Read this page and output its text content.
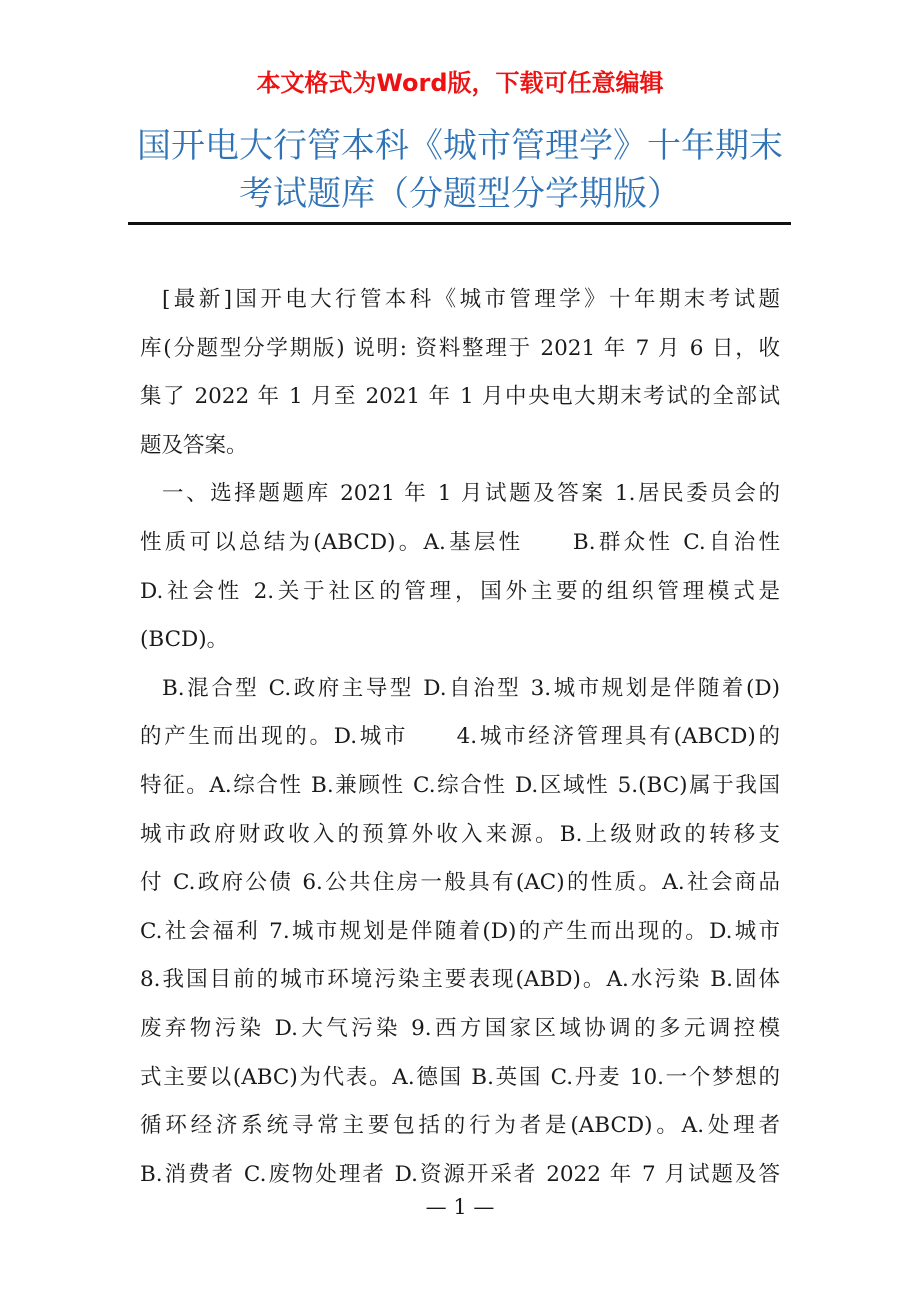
本文格式为Word版，下载可任意编辑
国开电大行管本科《城市管理学》十年期末
考试题库（分题型分学期版）
[最新]国开电大行管本科《城市管理学》十年期末考试题
库(分题型分学期版) 说明: 资料整理于 2021 年 7 月 6 日，收
集了 2022 年 1 月至 2021 年 1 月中央电大期末考试的全部试
题及答案。
一、选择题题库 2021 年 1 月试题及答案 1.居民委员会的
性质可以总结为(ABCD)。A.基层性　　B.群众性 C.自治性
D.社会性 2.关于社区的管理，国外主要的组织管理模式是
(BCD)。
B.混合型 C.政府主导型 D.自治型 3.城市规划是伴随着(D)
的产生而出现的。D.城市　　4.城市经济管理具有(ABCD)的
特征。A.综合性 B.兼顾性 C.综合性 D.区域性 5.(BC)属于我国
城市政府财政收入的预算外收入来源。B.上级财政的转移支
付 C.政府公债 6.公共住房一般具有(AC)的性质。A.社会商品
C.社会福利 7.城市规划是伴随着(D)的产生而出现的。D.城市
8.我国目前的城市环境污染主要表现(ABD)。A.水污染 B.固体
废弃物污染 D.大气污染 9.西方国家区域协调的多元调控模
式主要以(ABC)为代表。A.德国 B.英国 C.丹麦 10.一个梦想的
循环经济系统寻常主要包括的行为者是(ABCD)。A.处理者
B.消费者 C.废物处理者 D.资源开采者 2022 年 7 月试题及答
— 1 —
